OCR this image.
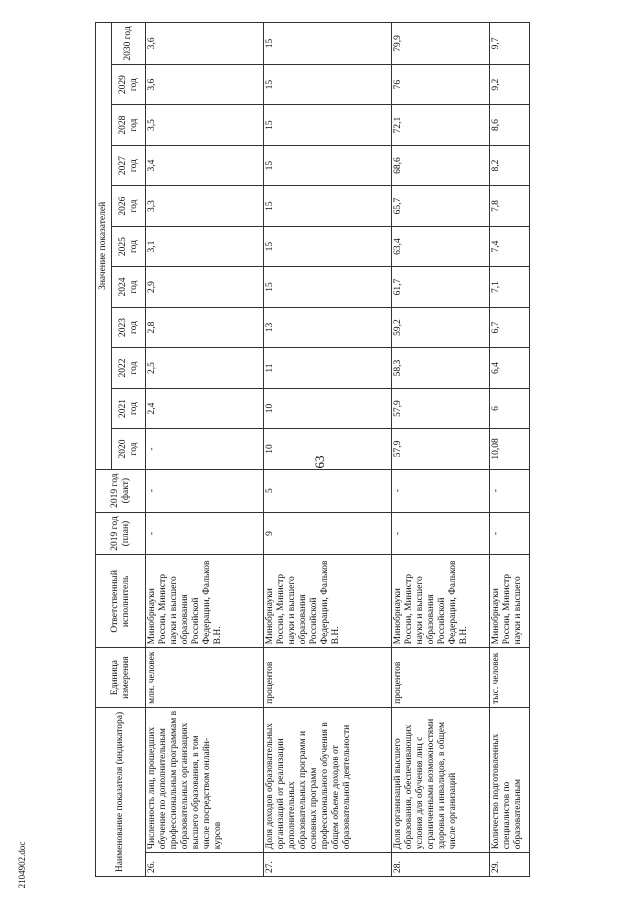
63
2104902.doc	Наименование показателя (индикатора)		Единица измерения	Ответственный исполнитель	2019 год (план)	2019 год (факт)	Значение показателей										
						2020 год	2021 год	2022 год	2023 год	2024 год	2025 год	2026 год	2027 год	2028 год	2029 год	2030 год
26.	Численность лиц, прошедших обучение по дополнительным профессиональным программам в образовательных организациях высшего образования, в том числе посредством онлайн-курсов	млн. человек	Минобрнауки России, Министр науки и высшего образования Российской Федерации, Фальков В.Н.	-	-	-	2,4	2,5	2,8	2,9	3,1	3,3	3,4	3,5	3,6	3,6
27.	Доля доходов образовательных организаций от реализации дополнительных образовательных программ и основных программ профессионального обучения в общем объеме доходов от образовательной деятельности	процентов	Минобрнауки России, Министр науки и высшего образования Российской Федерации, Фальков В.Н.	9	5	10	10	11	13	15	15	15	15	15	15	15
28.	Доля организаций высшего образования, обеспечивающих условия для обучения лиц с ограниченными возможностями здоровья и инвалидов, в общем числе организаций	процентов	Минобрнауки России, Министр науки и высшего образования Российской Федерации, Фальков В.Н.	-	-	57,9	57,9	58,3	59,2	61,7	63,4	65,7	68,6	72,1	76	79,9
29.	Количество подготовленных специалистов по образовательным	тыс. человек	Минобрнауки России, Министр науки и высшего	-	-	10,08	6	6,4	6,7	7,1	7,4	7,8	8,2	8,6	9,2	9,7
